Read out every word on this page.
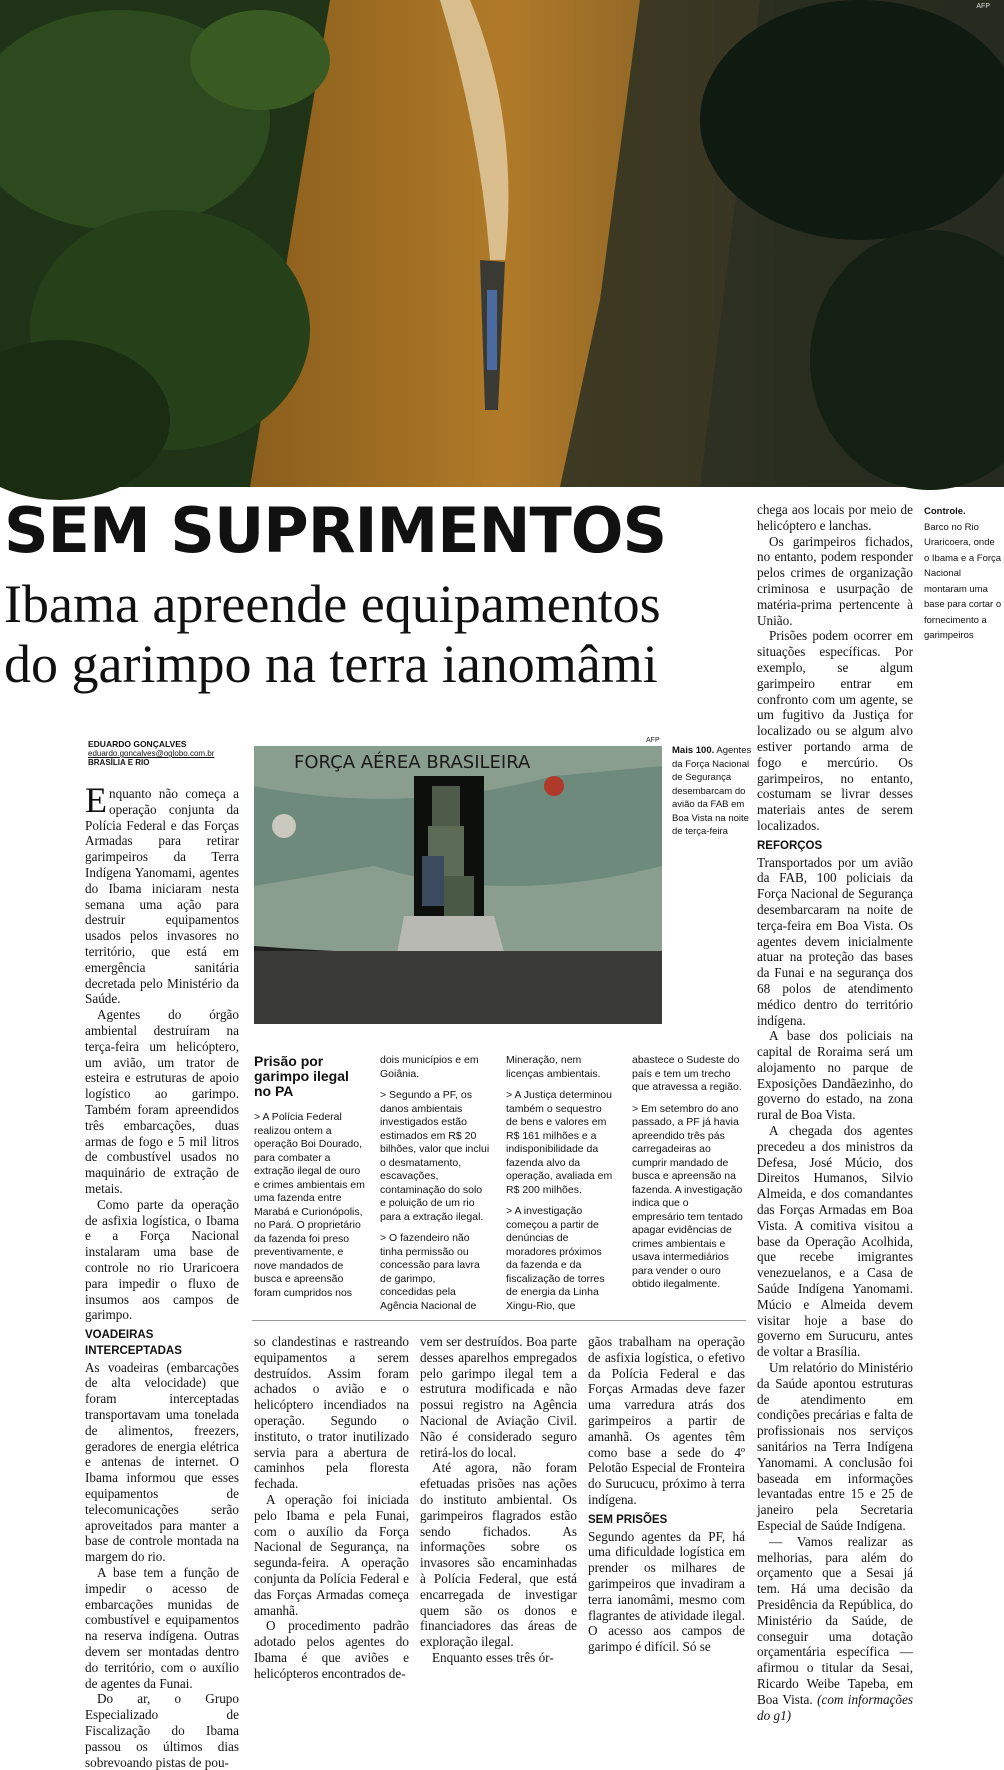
AFP
SEM SUPRIMENTOS
Ibama apreende equipamentos do garimpo na terra ianomâmi
EDUARDO GONÇALVES
eduardo.goncalves@oglobo.com.br
BRASÍLIA E RIO	FORÇA AÉREA BRASILEIRA
AFP
Mais 100. Agentes da Força Nacional de Segurança desembarcam do avião da FAB em Boa Vista na noite de terça-feira
Controle.
Barco no Rio Uraricoera, onde o Ibama e a Força Nacional montaram uma base para cortar o fornecimento a garimpeiros

Enquanto não começa a operação conjunta da Polícia Federal e das Forças Armadas para retirar garimpeiros da Terra Indígena Yanomami, agentes do Ibama iniciaram nesta semana uma ação para destruir equipamentos usados pelos invasores no território, que está em emergência sanitária decretada pelo Ministério da Saúde.

Agentes do órgão ambiental destruíram na terça-feira um helicóptero, um avião, um trator de esteira e estruturas de apoio logístico ao garimpo. Também foram apreendidos três embarcações, duas armas de fogo e 5 mil litros de combustível usados no maquinário de extração de metais.

Como parte da operação de asfixia logística, o Ibama e a Força Nacional instalaram uma base de controle no rio Uraricoera para impedir o fluxo de insumos aos campos de garimpo.

VOADEIRAS INTERCEPTADAS

As voadeiras (embarcações de alta velocidade) que foram interceptadas transportavam uma tonelada de alimentos, freezers, geradores de energia elétrica e antenas de internet. O Ibama informou que esses equipamentos de telecomunicações serão aproveitados para manter a base de controle montada na margem do rio.

A base tem a função de impedir o acesso de embarcações munidas de combustível e equipamentos na reserva indígena. Outras devem ser montadas dentro do território, com o auxílio de agentes da Funai.

Do ar, o Grupo Especializado de Fiscalização do Ibama passou os últimos dias sobrevoando pistas de pou-

Prisão por garimpo ilegal no PA

> A Polícia Federal realizou ontem a operação Boi Dourado, para combater a extração ilegal de ouro e crimes ambientais em uma fazenda entre Marabá e Curionópolis, no Pará. O proprietário da fazenda foi preso preventivamente, e nove mandados de busca e apreensão foram cumpridos nos

dois municípios e em Goiânia.

> Segundo a PF, os danos ambientais investigados estão estimados em R$ 20 bilhões, valor que inclui o desmatamento, escavações, contaminação do solo e poluição de um rio para a extração ilegal.

> O fazendeiro não tinha permissão ou concessão para lavra de garimpo, concedidas pela Agência Nacional de

Mineração, nem licenças ambientais.

> A Justiça determinou também o sequestro de bens e valores em R$ 161 milhões e a indisponibilidade da fazenda alvo da operação, avaliada em R$ 200 milhões.

> A investigação começou a partir de denúncias de moradores próximos da fazenda e da fiscalização de torres de energia da Linha Xingu-Rio, que

abastece o Sudeste do país e tem um trecho que atravessa a região.

> Em setembro do ano passado, a PF já havia apreendido três pás carregadeiras ao cumprir mandado de busca e apreensão na fazenda. A investigação indica que o empresário tem tentado apagar evidências de crimes ambientais e usava intermediários para vender o ouro obtido ilegalmente.

so clandestinas e rastreando equipamentos a serem destruídos. Assim foram achados o avião e o helicóptero incendiados na operação. Segundo o instituto, o trator inutilizado servia para a abertura de caminhos pela floresta fechada.

A operação foi iniciada pelo Ibama e pela Funai, com o auxílio da Força Nacional de Segurança, na segunda-feira. A operação conjunta da Polícia Federal e das Forças Armadas começa amanhã.

O procedimento padrão adotado pelos agentes do Ibama é que aviões e helicópteros encontrados de-

vem ser destruídos. Boa parte desses aparelhos empregados pelo garimpo ilegal tem a estrutura modificada e não possui registro na Agência Nacional de Aviação Civil. Não é considerado seguro retirá-los do local.

Até agora, não foram efetuadas prisões nas ações do instituto ambiental. Os garimpeiros flagrados estão sendo fichados. As informações sobre os invasores são encaminhadas à Polícia Federal, que está encarregada de investigar quem são os donos e financiadores das áreas de exploração ilegal.

Enquanto esses três ór-

gãos trabalham na operação de asfixia logística, o efetivo da Polícia Federal e das Forças Armadas deve fazer uma varredura atrás dos garimpeiros a partir de amanhã. Os agentes têm como base a sede do 4º Pelotão Especial de Fronteira do Surucucu, próximo à terra indígena.

SEM PRISÕES

Segundo agentes da PF, há uma dificuldade logística em prender os milhares de garimpeiros que invadiram a terra ianomâmi, mesmo com flagrantes de atividade ilegal. O acesso aos campos de garimpo é difícil. Só se

chega aos locais por meio de helicóptero e lanchas.

Os garimpeiros fichados, no entanto, podem responder pelos crimes de organização criminosa e usurpação de matéria-prima pertencente à União.

Prisões podem ocorrer em situações específicas. Por exemplo, se algum garimpeiro entrar em confronto com um agente, se um fugitivo da Justiça for localizado ou se algum alvo estiver portando arma de fogo e mercúrio. Os garimpeiros, no entanto, costumam se livrar desses materiais antes de serem localizados.

REFORÇOS

Transportados por um avião da FAB, 100 policiais da Força Nacional de Segurança desembarcaram na noite de terça-feira em Boa Vista. Os agentes devem inicialmente atuar na proteção das bases da Funai e na segurança dos 68 polos de atendimento médico dentro do território indígena.

A base dos policiais na capital de Roraima será um alojamento no parque de Exposições Dandãezinho, do governo do estado, na zona rural de Boa Vista.

A chegada dos agentes precedeu a dos ministros da Defesa, José Múcio, dos Direitos Humanos, Silvio Almeida, e dos comandantes das Forças Armadas em Boa Vista. A comitiva visitou a base da Operação Acolhida, que recebe imigrantes venezuelanos, e a Casa de Saúde Indígena Yanomami. Múcio e Almeida devem visitar hoje a base do governo em Surucuru, antes de voltar a Brasília.

Um relatório do Ministério da Saúde apontou estruturas de atendimento em condições precárias e falta de profissionais nos serviços sanitários na Terra Indígena Yanomami. A conclusão foi baseada em informações levantadas entre 15 e 25 de janeiro pela Secretaria Especial de Saúde Indígena.

— Vamos realizar as melhorias, para além do orçamento que a Sesai já tem. Há uma decisão da Presidência da República, do Ministério da Saúde, de conseguir uma dotação orçamentária específica — afirmou o titular da Sesai, Ricardo Weibe Tapeba, em Boa Vista. (com informações do g1)
